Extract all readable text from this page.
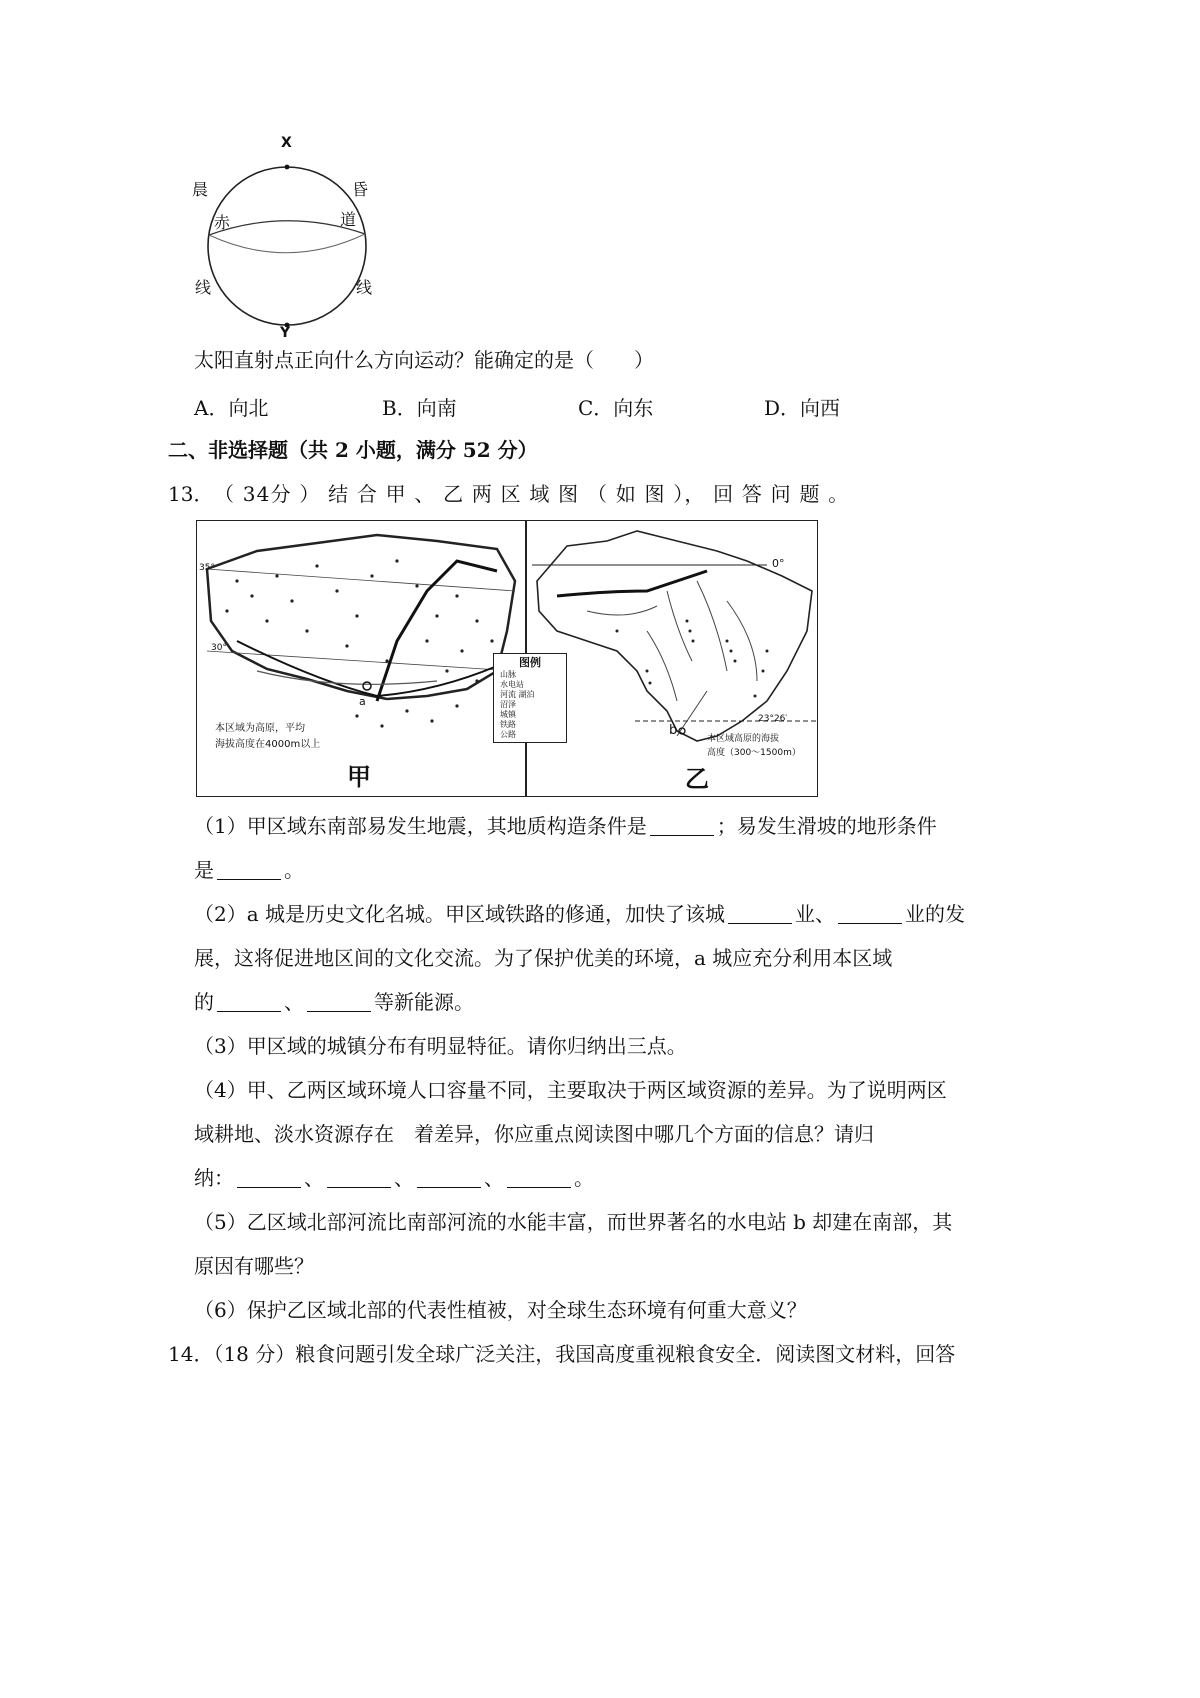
X
Y
晨	昏
赤	道
线	线
太阳直射点正向什么方向运动？能确定的是（　　）
A．向北	B．向南	C．向东	D．向西
二、非选择题（共 2 小题，满分 52 分）
13． （ 34分 ） 结 合 甲 、 乙 两 区 域 图 （ 如 图 ）， 回 答 问 题 。
35°
30°
a
本区域为高原，平均
海拔高度在4000m以上
甲
图例
山脉
水电站
河流 湖泊
沼泽
城镇
铁路
公路
0°
23°26′
b
本区域高原的海拔
高度（300～1500m）
乙
（1）甲区域东南部易发生地震，其地质构造条件是	；易发生滑坡的地形条件
是	。
（2）a 城是历史文化名城。甲区域铁路的修通，加快了该城	业、	业的发
展，这将促进地区间的文化交流。为了保护优美的环境，a 城应充分利用本区域
的	、	等新能源。
（3）甲区域的城镇分布有明显特征。请你归纳出三点。
（4）甲、乙两区域环境人口容量不同，主要取决于两区域资源的差异。为了说明两区
域耕地、淡水资源存在　着差异，你应重点阅读图中哪几个方面的信息？请归
纳：	、	、	、	。
（5）乙区域北部河流比南部河流的水能丰富，而世界著名的水电站 b 却建在南部，其
原因有哪些？
（6）保护乙区域北部的代表性植被，对全球生态环境有何重大意义？
14．（18 分）粮食问题引发全球广泛关注，我国高度重视粮食安全．阅读图文材料，回答
